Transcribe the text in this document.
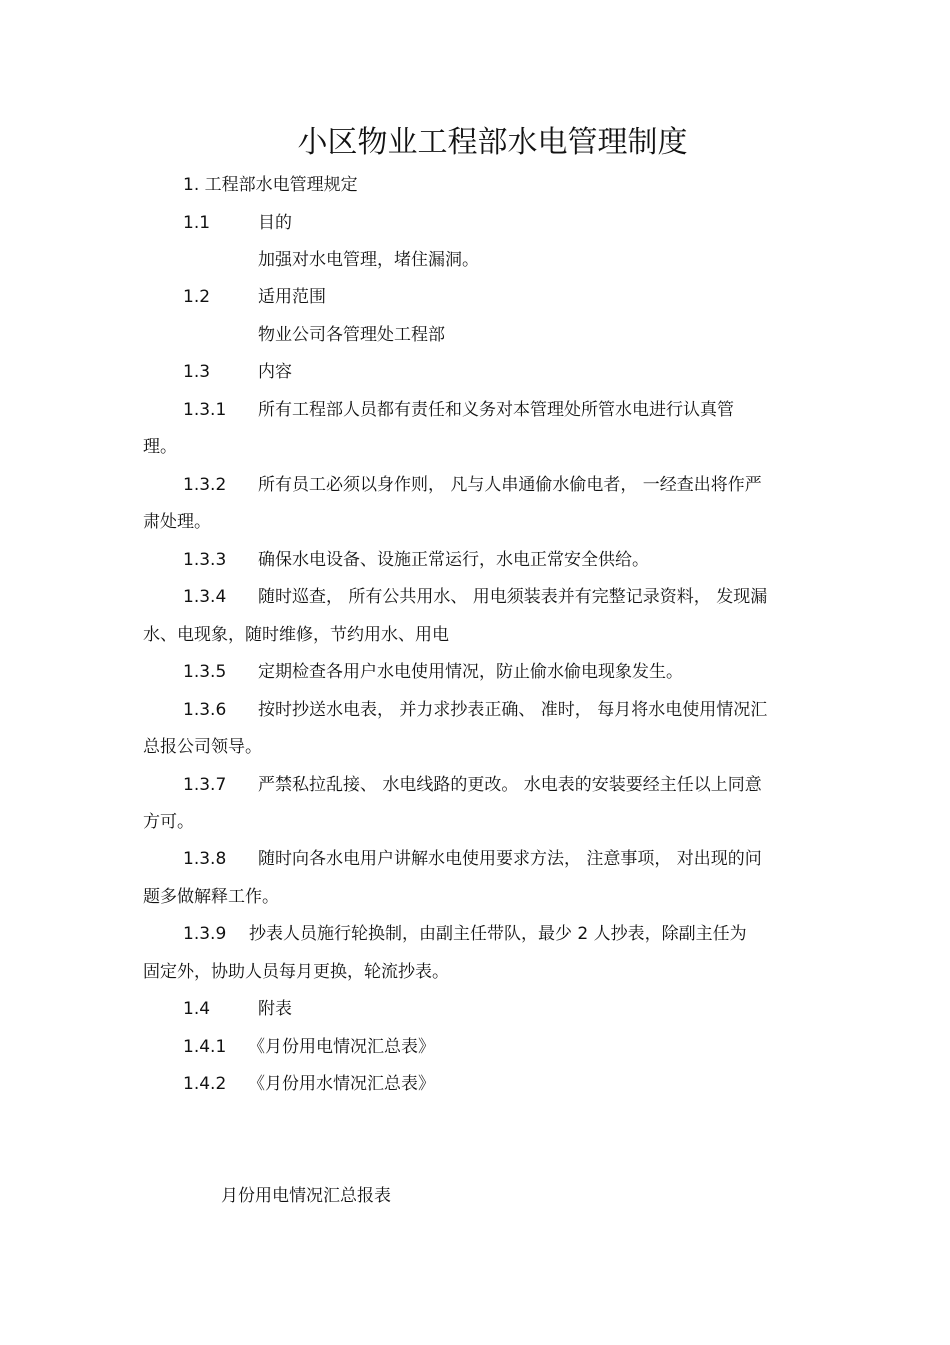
小区物业工程部水电管理制度
1. 工程部水电管理规定
1.1	目的
加强对水电管理，堵住漏洞。
1.2	适用范围
物业公司各管理处工程部
1.3	内容
1.3.1 所有工程部人员都有责任和义务对本管理处所管水电进行认真管
理。
1.3.2 所有员工必须以身作则， 凡与人串通偷水偷电者， 一经查出将作严
肃处理。
1.3.3 确保水电设备、设施正常运行，水电正常安全供给。
1.3.4 随时巡查， 所有公共用水、 用电须装表并有完整记录资料， 发现漏
水、电现象，随时维修，节约用水、用电
1.3.5 定期检查各用户水电使用情况，防止偷水偷电现象发生。
1.3.6 按时抄送水电表， 并力求抄表正确、 准时， 每月将水电使用情况汇
总报公司领导。
1.3.7 严禁私拉乱接、 水电线路的更改。 水电表的安装要经主任以上同意
方可。
1.3.8 随时向各水电用户讲解水电使用要求方法， 注意事项， 对出现的问
题多做解释工作。
1.3.9 抄表人员施行轮换制，由副主任带队，最少 2 人抄表，除副主任为
固定外，协助人员每月更换，轮流抄表。
1.4	附表
1.4.1 《月份用电情况汇总表》
1.4.2 《月份用水情况汇总表》
月份用电情况汇总报表
